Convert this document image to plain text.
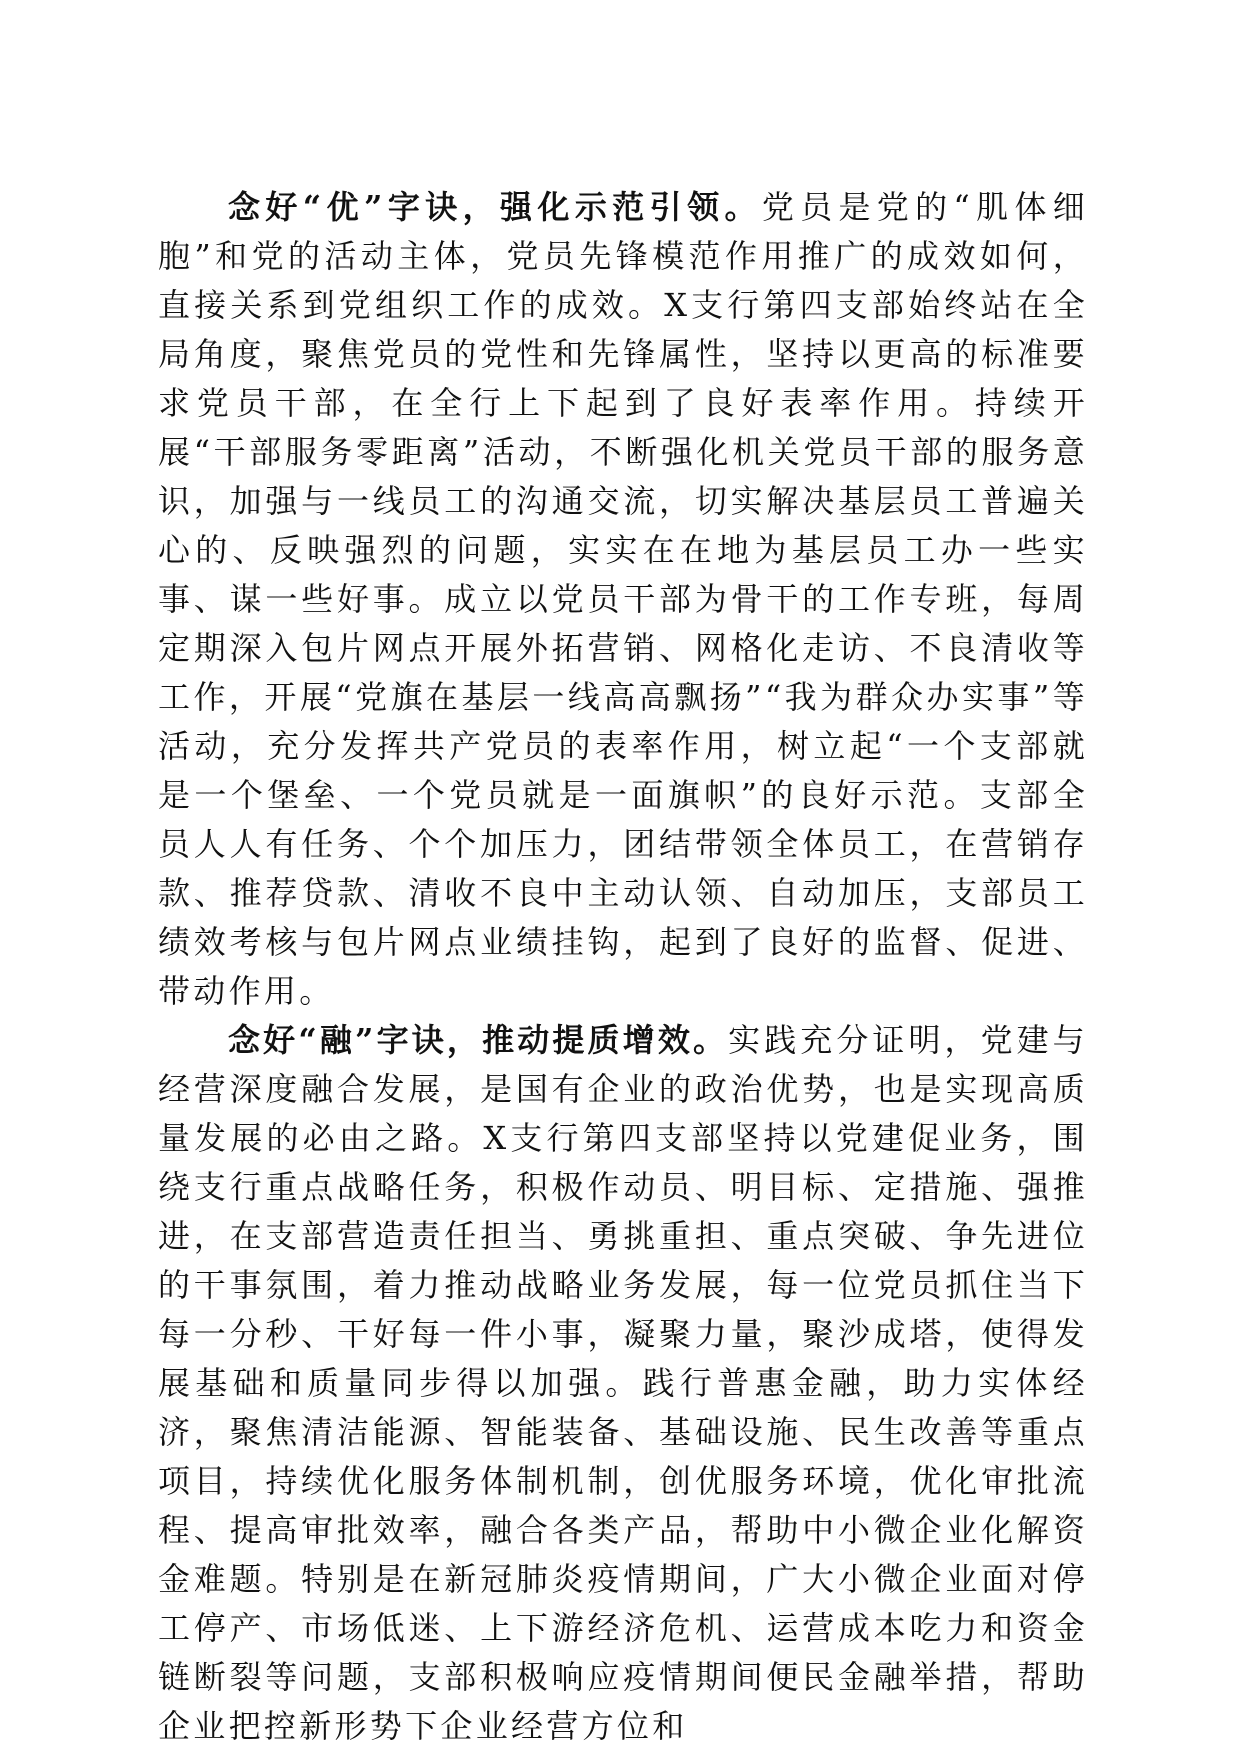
念好“优”字诀，强化示范引领。党员是党的“肌体细胞”和党的活动主体，党员先锋模范作用推广的成效如何，直接关系到党组织工作的成效。X支行第四支部始终站在全局角度，聚焦党员的党性和先锋属性，坚持以更高的标准要求党员干部，在全行上下起到了良好表率作用。持续开展“干部服务零距离”活动，不断强化机关党员干部的服务意识，加强与一线员工的沟通交流，切实解决基层员工普遍关心的、反映强烈的问题，实实在在地为基层员工办一些实事、谋一些好事。成立以党员干部为骨干的工作专班，每周定期深入包片网点开展外拓营销、网格化走访、不良清收等工作，开展“党旗在基层一线高高飘扬”“我为群众办实事”等活动，充分发挥共产党员的表率作用，树立起“一个支部就是一个堡垒、一个党员就是一面旗帜”的良好示范。支部全员人人有任务、个个加压力，团结带领全体员工，在营销存款、推荐贷款、清收不良中主动认领、自动加压，支部员工绩效考核与包片网点业绩挂钩，起到了良好的监督、促进、带动作用。

念好“融”字诀，推动提质增效。实践充分证明，党建与经营深度融合发展，是国有企业的政治优势，也是实现高质量发展的必由之路。X支行第四支部坚持以党建促业务，围绕支行重点战略任务，积极作动员、明目标、定措施、强推进，在支部营造责任担当、勇挑重担、重点突破、争先进位的干事氛围，着力推动战略业务发展，每一位党员抓住当下每一分秒、干好每一件小事，凝聚力量，聚沙成塔，使得发展基础和质量同步得以加强。践行普惠金融，助力实体经济，聚焦清洁能源、智能装备、基础设施、民生改善等重点项目，持续优化服务体制机制，创优服务环境，优化审批流程、提高审批效率，融合各类产品，帮助中小微企业化解资金难题。特别是在新冠肺炎疫情期间，广大小微企业面对停工停产、市场低迷、上下游经济危机、运营成本吃力和资金链断裂等问题，支部积极响应疫情期间便民金融举措，帮助企业把控新形势下企业经营方位和
